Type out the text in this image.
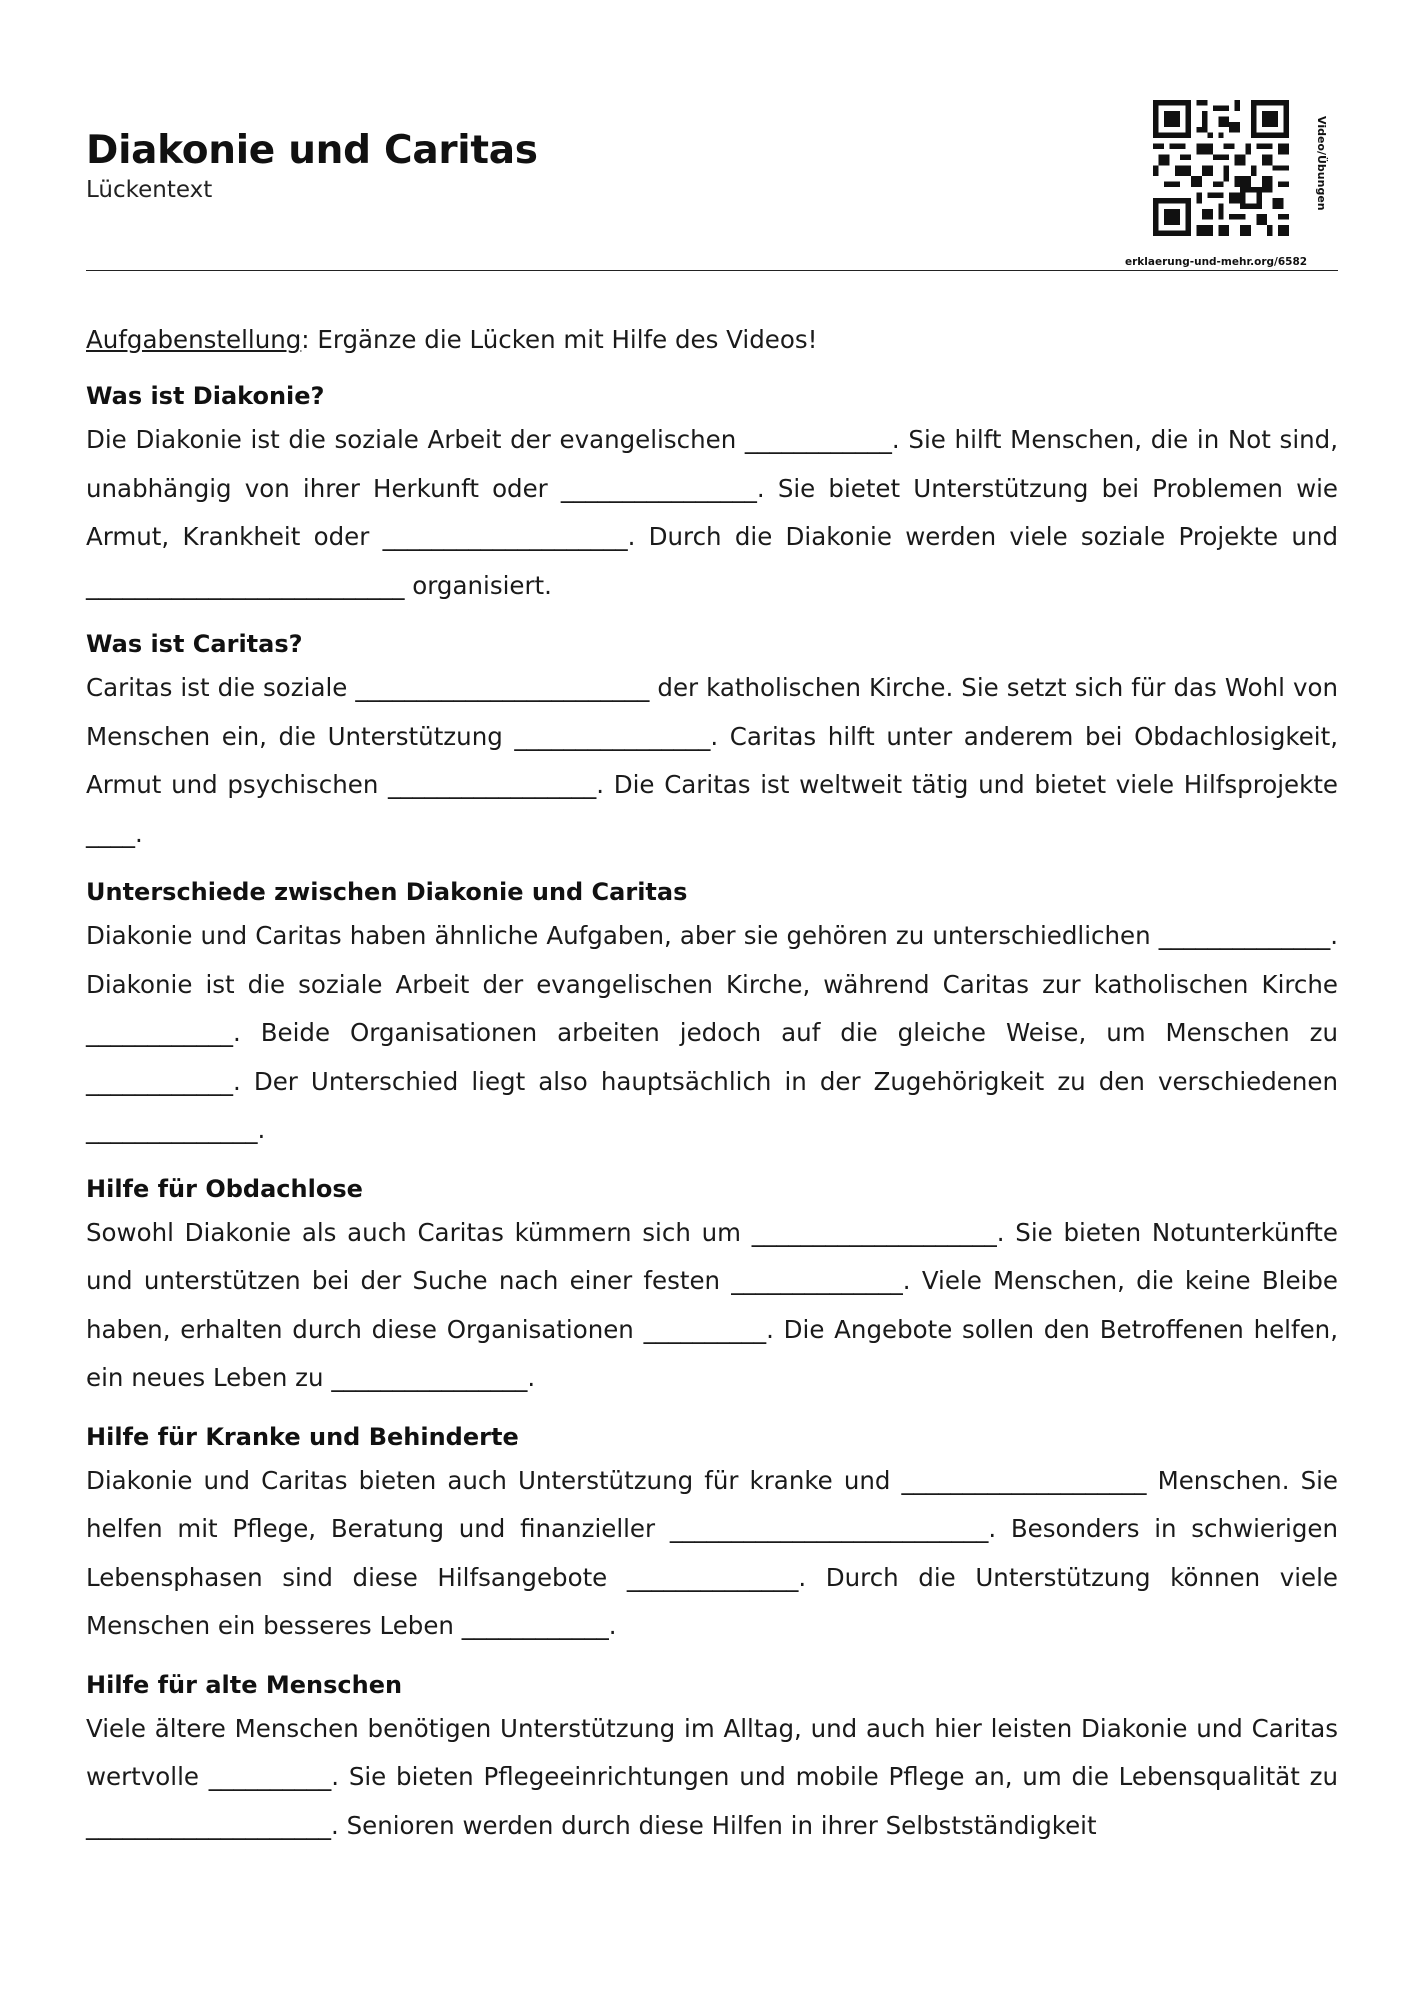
Diakonie und Caritas
Lückentext	Video/Übungen
erklaerung-und-mehr.org/6582
Aufgabenstellung: Ergänze die Lücken mit Hilfe des Videos!
Was ist Diakonie?

Die Diakonie ist die soziale Arbeit der evangelischen ____________. Sie hilft Menschen, die in Not sind, unabhängig von ihrer Herkunft oder ________________. Sie bietet Unterstützung bei Problemen wie Armut, Krankheit oder ____________________. Durch die Diakonie werden viele soziale Projekte und __________________________ organisiert.

Was ist Caritas?

Caritas ist die soziale ________________________ der katholischen Kirche. Sie setzt sich für das Wohl von Menschen ein, die Unterstützung ________________. Caritas hilft unter anderem bei Obdachlosigkeit, Armut und psychischen _________________. Die Caritas ist weltweit tätig und bietet viele Hilfsprojekte ____.

Unterschiede zwischen Diakonie und Caritas

Diakonie und Caritas haben ähnliche Aufgaben, aber sie gehören zu unterschiedlichen ______________. Diakonie ist die soziale Arbeit der evangelischen Kirche, während Caritas zur katholischen Kirche ____________. Beide Organisationen arbeiten jedoch auf die gleiche Weise, um Menschen zu ____________. Der Unterschied liegt also hauptsächlich in der Zugehörigkeit zu den verschiedenen ______________.

Hilfe für Obdachlose

Sowohl Diakonie als auch Caritas kümmern sich um ____________________. Sie bieten Notunterkünfte und unterstützen bei der Suche nach einer festen ______________. Viele Menschen, die keine Bleibe haben, erhalten durch diese Organisationen __________. Die Angebote sollen den Betroffenen helfen, ein neues Leben zu ________________.

Hilfe für Kranke und Behinderte

Diakonie und Caritas bieten auch Unterstützung für kranke und ____________________ Menschen. Sie helfen mit Pflege, Beratung und finanzieller __________________________. Besonders in schwierigen Lebensphasen sind diese Hilfsangebote ______________. Durch die Unterstützung können viele Menschen ein besseres Leben ____________.

Hilfe für alte Menschen

Viele ältere Menschen benötigen Unterstützung im Alltag, und auch hier leisten Diakonie und Caritas wertvolle __________. Sie bieten Pflegeeinrichtungen und mobile Pflege an, um die Lebensqualität zu ____________________. Senioren werden durch diese Hilfen in ihrer Selbstständigkeit
